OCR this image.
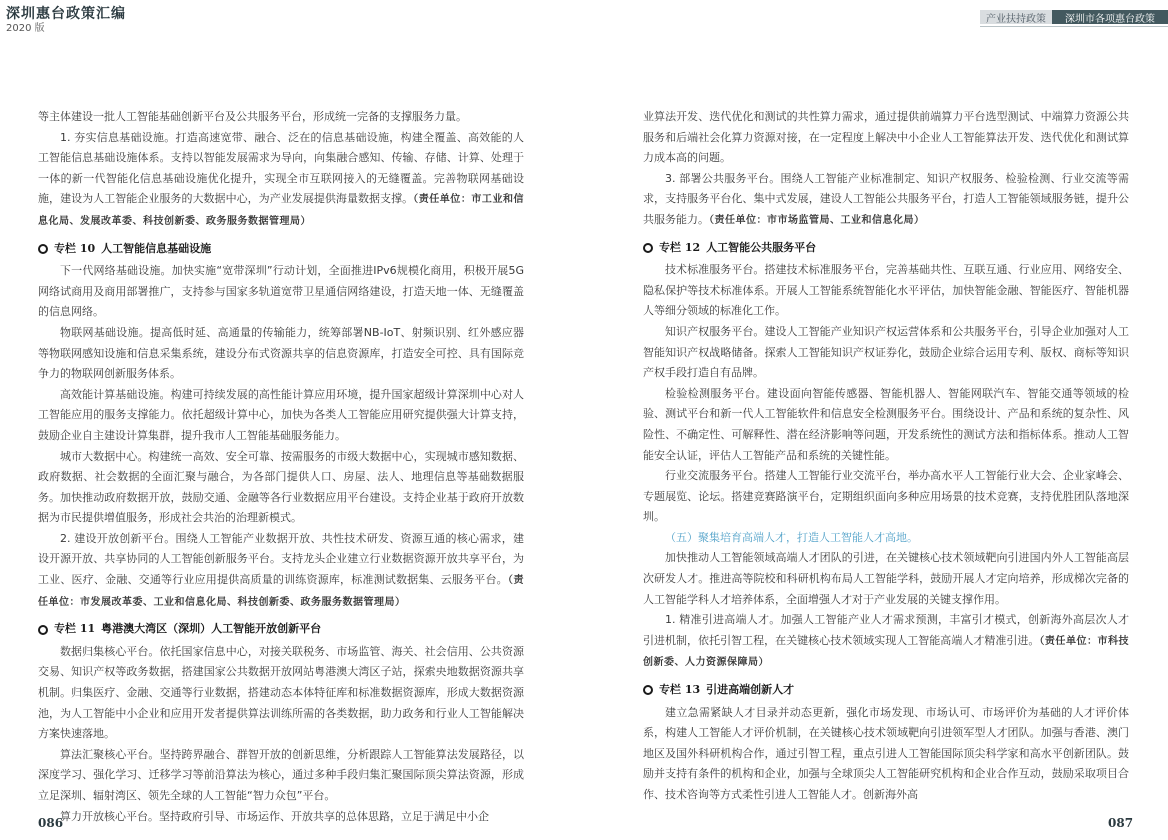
深圳惠台政策汇编
2020 版
产业扶持政策	深圳市各项惠台政策

等主体建设一批人工智能基础创新平台及公共服务平台，形成统一完备的支撑服务力量。

1. 夯实信息基础设施。打造高速宽带、融合、泛在的信息基础设施，构建全覆盖、高效能的人工智能信息基础设施体系。支持以智能发展需求为导向，向集融合感知、传输、存储、计算、处理于一体的新一代智能化信息基础设施优化提升，实现全市互联网接入的无缝覆盖。完善物联网基础设施，建设为人工智能企业服务的大数据中心，为产业发展提供海量数据支撑。（责任单位：市工业和信息化局、发展改革委、科技创新委、政务服务数据管理局）

专栏 10 人工智能信息基础设施

下一代网络基础设施。加快实施“宽带深圳”行动计划，全面推进IPv6规模化商用，积极开展5G网络试商用及商用部署推广，支持参与国家多轨道宽带卫星通信网络建设，打造天地一体、无缝覆盖的信息网络。

物联网基础设施。提高低时延、高通量的传输能力，统筹部署NB-IoT、射频识别、红外感应器等物联网感知设施和信息采集系统，建设分布式资源共享的信息资源库，打造安全可控、具有国际竞争力的物联网创新服务体系。

高效能计算基础设施。构建可持续发展的高性能计算应用环境，提升国家超级计算深圳中心对人工智能应用的服务支撑能力。依托超级计算中心，加快为各类人工智能应用研究提供强大计算支持，鼓励企业自主建设计算集群，提升我市人工智能基础服务能力。

城市大数据中心。构建统一高效、安全可靠、按需服务的市级大数据中心，实现城市感知数据、政府数据、社会数据的全面汇聚与融合，为各部门提供人口、房屋、法人、地理信息等基础数据服务。加快推动政府数据开放，鼓励交通、金融等各行业数据应用平台建设。支持企业基于政府开放数据为市民提供增值服务，形成社会共治的治理新模式。

2. 建设开放创新平台。围绕人工智能产业数据开放、共性技术研发、资源互通的核心需求，建设开源开放、共享协同的人工智能创新服务平台。支持龙头企业建立行业数据资源开放共享平台，为工业、医疗、金融、交通等行业应用提供高质量的训练资源库，标准测试数据集、云服务平台。（责任单位：市发展改革委、工业和信息化局、科技创新委、政务服务数据管理局）

专栏 11 粤港澳大湾区（深圳）人工智能开放创新平台

数据归集核心平台。依托国家信息中心，对接关联税务、市场监管、海关、社会信用、公共资源交易、知识产权等政务数据，搭建国家公共数据开放网站粤港澳大湾区子站，探索央地数据资源共享机制。归集医疗、金融、交通等行业数据，搭建动态本体特征库和标准数据资源库，形成大数据资源池，为人工智能中小企业和应用开发者提供算法训练所需的各类数据，助力政务和行业人工智能解决方案快速落地。

算法汇聚核心平台。坚持跨界融合、群智开放的创新思维，分析跟踪人工智能算法发展路径，以深度学习、强化学习、迁移学习等前沿算法为核心，通过多种手段归集汇聚国际顶尖算法资源，形成立足深圳、辐射湾区、领先全球的人工智能“智力众包”平台。

算力开放核心平台。坚持政府引导、市场运作、开放共享的总体思路，立足于满足中小企

业算法开发、迭代优化和测试的共性算力需求，通过提供前端算力平台选型测试、中端算力资源公共服务和后端社会化算力资源对接，在一定程度上解决中小企业人工智能算法开发、迭代优化和测试算力成本高的问题。

3. 部署公共服务平台。围绕人工智能产业标准制定、知识产权服务、检验检测、行业交流等需求，支持服务平台化、集中式发展，建设人工智能公共服务平台，打造人工智能领域服务链，提升公共服务能力。（责任单位：市市场监管局、工业和信息化局）

专栏 12 人工智能公共服务平台

技术标准服务平台。搭建技术标准服务平台，完善基础共性、互联互通、行业应用、网络安全、隐私保护等技术标准体系。开展人工智能系统智能化水平评估，加快智能金融、智能医疗、智能机器人等细分领域的标准化工作。

知识产权服务平台。建设人工智能产业知识产权运营体系和公共服务平台，引导企业加强对人工智能知识产权战略储备。探索人工智能知识产权证券化，鼓励企业综合运用专利、版权、商标等知识产权手段打造自有品牌。

检验检测服务平台。建设面向智能传感器、智能机器人、智能网联汽车、智能交通等领域的检验、测试平台和新一代人工智能软件和信息安全检测服务平台。围绕设计、产品和系统的复杂性、风险性、不确定性、可解释性、潜在经济影响等问题，开发系统性的测试方法和指标体系。推动人工智能安全认证，评估人工智能产品和系统的关键性能。

行业交流服务平台。搭建人工智能行业交流平台，举办高水平人工智能行业大会、企业家峰会、专题展览、论坛。搭建竞赛路演平台，定期组织面向多种应用场景的技术竞赛，支持优胜团队落地深圳。

（五）聚集培育高端人才，打造人工智能人才高地。

加快推动人工智能领域高端人才团队的引进，在关键核心技术领域靶向引进国内外人工智能高层次研发人才。推进高等院校和科研机构布局人工智能学科，鼓励开展人才定向培养，形成梯次完备的人工智能学科人才培养体系，全面增强人才对于产业发展的关键支撑作用。

1. 精准引进高端人才。加强人工智能产业人才需求预测，丰富引才模式，创新海外高层次人才引进机制，依托引智工程，在关键核心技术领域实现人工智能高端人才精准引进。（责任单位：市科技创新委、人力资源保障局）

专栏 13 引进高端创新人才

建立急需紧缺人才目录并动态更新，强化市场发现、市场认可、市场评价为基础的人才评价体系，构建人工智能人才评价机制，在关键核心技术领域靶向引进领军型人才团队。加强与香港、澳门地区及国外科研机构合作，通过引智工程，重点引进人工智能国际顶尖科学家和高水平创新团队。鼓励并支持有条件的机构和企业，加强与全球顶尖人工智能研究机构和企业合作互动，鼓励采取项目合作、技术咨询等方式柔性引进人工智能人才。创新海外高

086	087
